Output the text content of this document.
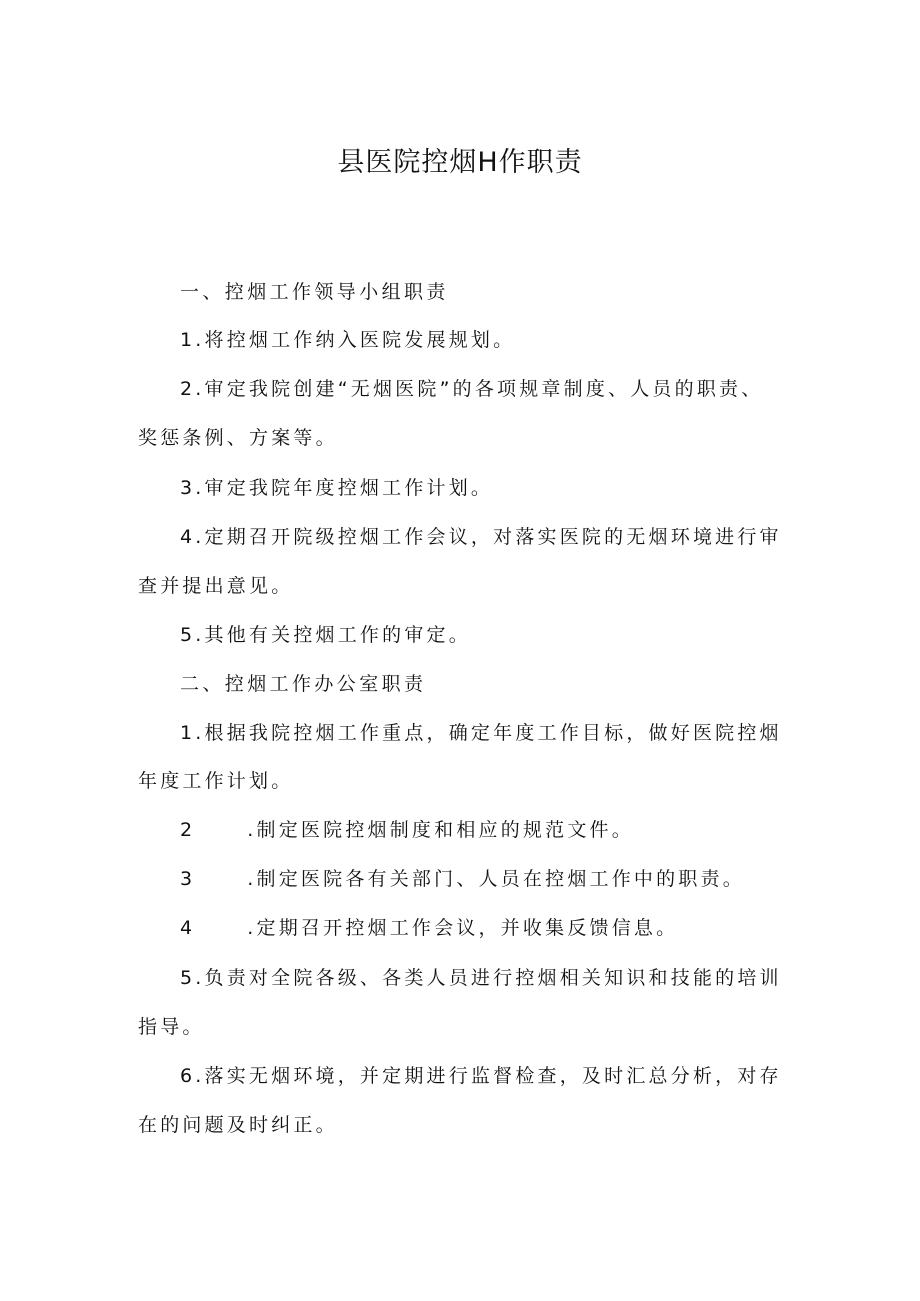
县医院控烟H作职责
一、控烟工作领导小组职责
1.将控烟工作纳入医院发展规划。
2.审定我院创建“无烟医院”的各项规章制度、人员的职责、
奖惩条例、方案等。
3.审定我院年度控烟工作计划。
4.定期召开院级控烟工作会议，对落实医院的无烟环境进行审
查并提出意见。
5.其他有关控烟工作的审定。
二、控烟工作办公室职责
1.根据我院控烟工作重点，确定年度工作目标，做好医院控烟
年度工作计划。
2	.制定医院控烟制度和相应的规范文件。
3	.制定医院各有关部门、人员在控烟工作中的职责。
4	.定期召开控烟工作会议，并收集反馈信息。
5.负责对全院各级、各类人员进行控烟相关知识和技能的培训
指导。
6.落实无烟环境，并定期进行监督检查，及时汇总分析，对存
在的问题及时纠正。
